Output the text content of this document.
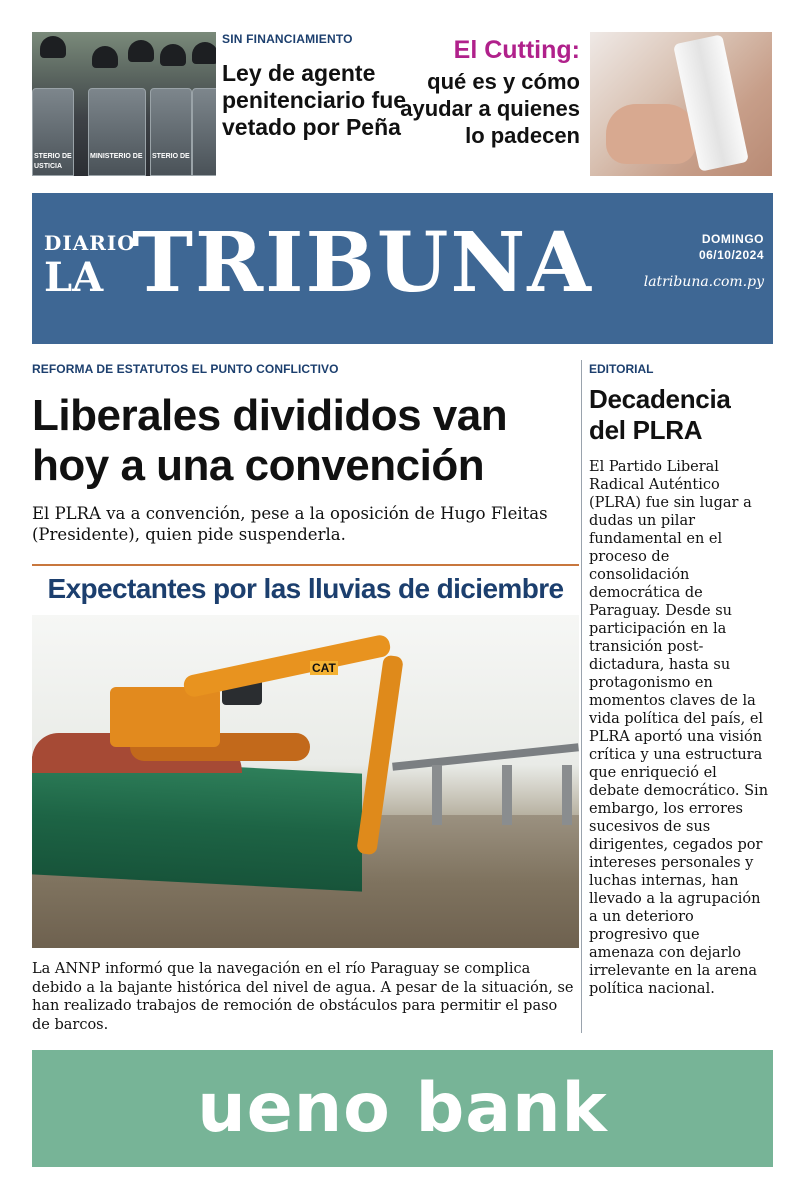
STERIO DE
USTICIA
MINISTERIO DE STERIO DE
SIN FINANCIAMIENTO
Ley de agente penitenciario fue vetado por Peña
El Cutting:
qué es y cómo ayudar a quienes lo padecen
DIARIO
LA TRIBUNA	DOMINGO
06/10/2024
latribuna.com.py
REFORMA DE ESTATUTOS EL PUNTO CONFLICTIVO
Liberales divididos van hoy a una convención
El PLRA va a convención, pese a la oposición de Hugo Fleitas (Presidente), quien pide suspenderla.
Expectantes por las lluvias de diciembre
CAT
La ANNP informó que la navegación en el río Paraguay se complica debido a la bajante histórica del nivel de agua. A pesar de la situación, se han realizado trabajos de remoción de obstáculos para permitir el paso de barcos.
EDITORIAL
Decadencia del PLRA
El Partido Liberal Radical Auténtico (PLRA) fue sin lugar a dudas un pilar fundamental en el proceso de consolidación democrática de Paraguay. Desde su participación en la transición post-dictadura, hasta su protagonismo en momentos claves de la vida política del país, el PLRA aportó una visión crítica y una estructura que enriqueció el debate democrático. Sin embargo, los errores sucesivos de sus dirigentes, cegados por intereses personales y luchas internas, han llevado a la agrupación a un deterioro progresivo que amenaza con dejarlo irrelevante en la arena política nacional.
ueno bank
